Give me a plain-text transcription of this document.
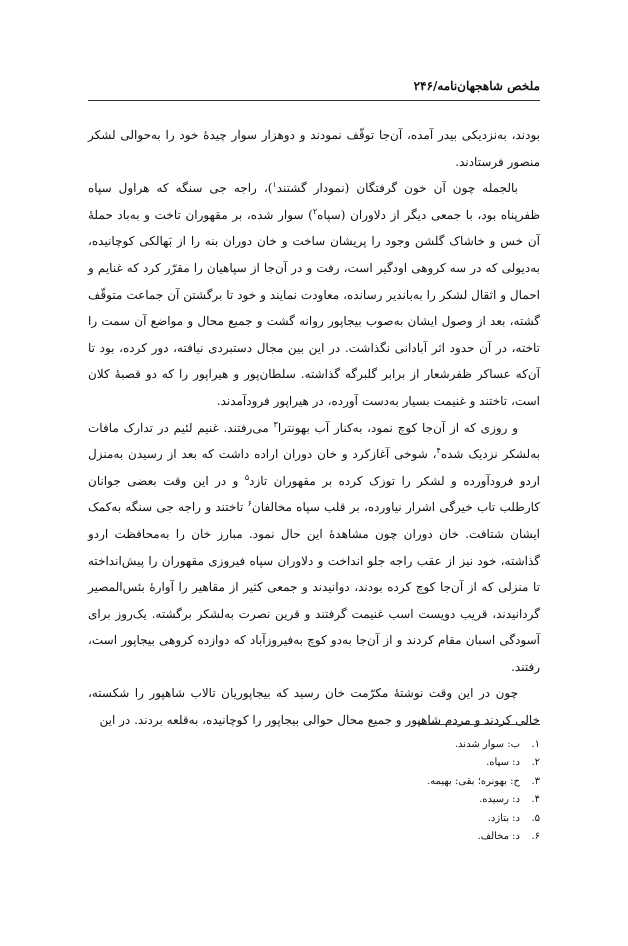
ملخص شاهجهان‌نامه/۲۴۶

بودند، به‌نزدیکی بیدر آمده، آن‌جا توقّف نمودند و دوهزار سوار چیدهٔ خود را به‌حوالی لشکر منصور فرستادند.

بالجمله چون آن خون گرفتگان (نمودار گشتند$^۱$)، راجه جی سنگه که هراول سپاه ظفرپناه بود، با جمعی دیگر از دلاوران (سپاه$^۲$) سوار شده، بر مقهوران تاخت و به‌باد حملهٔ آن خس و خاشاک گلشن وجود را پریشان ساخت و خان دوران بنه را از بَهالکی کوچانیده، به‌دیولی که در سه کروهی اودگیر است، رفت و در آن‌جا از سپاهیان را مقرّر کرد که غنایم و احمال و اثقال لشکر را به‌باندیر رسانده، معاودت نمایند و خود تا برگشتن آن جماعت متوقّف گشته، بعد از وصول ایشان به‌صوب بیجاپور روانه گشت و جمیع محال و مواضع آن سمت را تاخته، در آن حدود اثر آبادانی نگذاشت. در این بین مجال دستبردی نیافته، دور کرده، بود تا آن‌که عساکر ظفرشعار از برابر گلبرگه گذاشته. سلطان‌پور و هیراپور را که دو قصبهٔ کلان است، تاختند و غنیمت بسیار به‌دست آورده، در هیراپور فرودآمدند.

و روزی که از آن‌جا کوچ نمود، به‌کنار آب بهونترا$^۳$ می‌رفتند. غنیم لئیم در تدارک مافات به‌لشکر نزدیک شده$^۴$، شوخی آغازکرد و خان دوران اراده داشت که بعد از رسیدن به‌منزل اردو فرودآورده و لشکر را توزک کرده بر مقهوران تازد$^۵$ و در این وقت بعضی جوانان کارطلب تاب خیرگی اشرار نیاورده، بر قلب سپاه مخالفان$^۶$ تاختند و راجه جی سنگه به‌کمک ایشان شتافت. خان دوران چون مشاهدهٔ این حال نمود. مبارز خان را به‌محافظت اردو گذاشته، خود نیز از عقب راجه جلو انداخت و دلاوران سپاه فیروزی مقهوران را پیش‌انداخته تا منزلی که از آن‌جا کوچ کرده بودند، دوانیدند و جمعی کثیر از مقاهیر را آوارهٔ بئس‌المصیر گردانیدند، قریب دویست اسب غنیمت گرفتند و قرین نصرت به‌لشکر برگشته. یک‌روز برای آسودگی اسبان مقام کردند و از آن‌جا به‌دو کوچ به‌فیروزآباد که دوازده کروهی بیجاپور است، رفتند.

چون در این وقت نوشتهٔ مکرّمت خان رسید که بیجاپوریان تالاب شاهپور را شکسته، خالی کردند و مردم شاهپور و جمیع محال حوالی بیجاپور را کوچانیده، به‌قلعه بردند. در این

۱.
ب: سوار شدند.
۲.
د: سپاه.
۳.
ح: بهونره؛ بقی: بهیمه.
۴.
د: رسیده.
۵.
د: بتازد.
۶.
د: مخالف.
